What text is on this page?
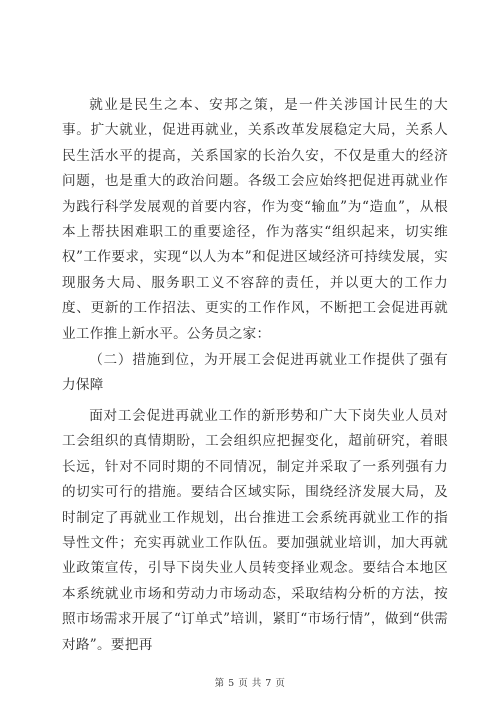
就业是民生之本、安邦之策，是一件关涉国计民生的大事。扩大就业，促进再就业，关系改革发展稳定大局，关系人民生活水平的提高，关系国家的长治久安，不仅是重大的经济问题，也是重大的政治问题。各级工会应始终把促进再就业作为践行科学发展观的首要内容，作为变“输血”为“造血”，从根本上帮扶困难职工的重要途径，作为落实“组织起来，切实维权”工作要求，实现“以人为本”和促进区域经济可持续发展，实现服务大局、服务职工义不容辞的责任，并以更大的工作力度、更新的工作招法、更实的工作作风，不断把工会促进再就业工作推上新水平。公务员之家：

（二）措施到位，为开展工会促进再就业工作提供了强有力保障

面对工会促进再就业工作的新形势和广大下岗失业人员对工会组织的真情期盼，工会组织应把握变化，超前研究，着眼长远，针对不同时期的不同情况，制定并采取了一系列强有力的切实可行的措施。要结合区域实际，围绕经济发展大局，及时制定了再就业工作规划，出台推进工会系统再就业工作的指导性文件；充实再就业工作队伍。要加强就业培训，加大再就业政策宣传，引导下岗失业人员转变择业观念。要结合本地区本系统就业市场和劳动力市场动态，采取结构分析的方法，按照市场需求开展了“订单式”培训，紧盯“市场行情”，做到“供需对路”。要把再

第 5 页 共 7 页
